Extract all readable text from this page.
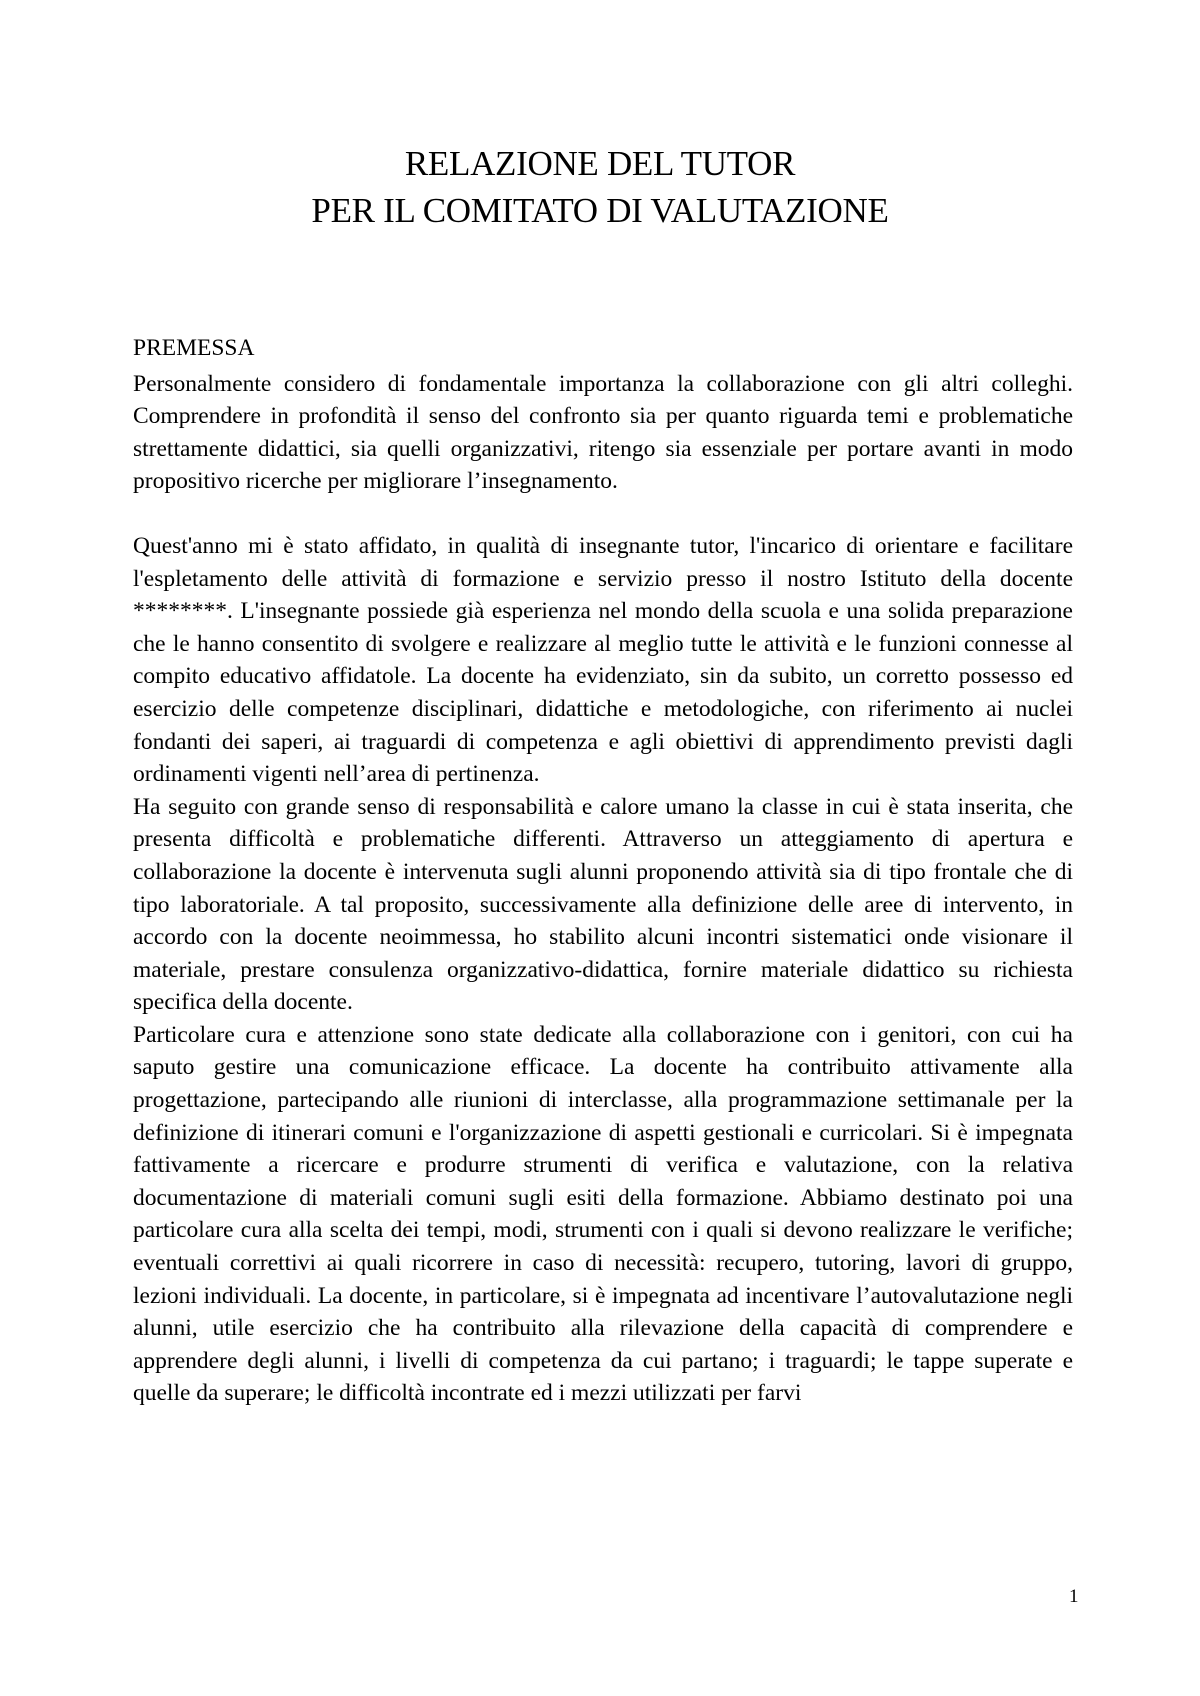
RELAZIONE DEL TUTOR
PER IL COMITATO DI VALUTAZIONE

PREMESSA

Personalmente considero di fondamentale importanza la collaborazione con gli altri colleghi. Comprendere in profondità il senso del confronto sia per quanto riguarda temi e problematiche strettamente didattici, sia quelli organizzativi, ritengo sia essenziale per portare avanti in modo propositivo ricerche per migliorare l’insegnamento.

Quest'anno mi è stato affidato, in qualità di insegnante tutor, l'incarico di orientare e facilitare l'espletamento delle attività di formazione e servizio presso il nostro Istituto della docente ********. L'insegnante possiede già esperienza nel mondo della scuola e una solida preparazione che le hanno consentito di svolgere e realizzare al meglio tutte le attività e le funzioni connesse al compito educativo affidatole. La docente ha evidenziato, sin da subito, un corretto possesso ed esercizio delle competenze disciplinari, didattiche e metodologiche, con riferimento ai nuclei fondanti dei saperi, ai traguardi di competenza e agli obiettivi di apprendimento previsti dagli ordinamenti vigenti nell’area di pertinenza.

Ha seguito con grande senso di responsabilità e calore umano la classe in cui è stata inserita, che presenta difficoltà e problematiche differenti. Attraverso un atteggiamento di apertura e collaborazione la docente è intervenuta sugli alunni proponendo attività sia di tipo frontale che di tipo laboratoriale. A tal proposito, successivamente alla definizione delle aree di intervento, in accordo con la docente neoimmessa, ho stabilito alcuni incontri sistematici onde visionare il materiale, prestare consulenza organizzativo-didattica, fornire materiale didattico su richiesta specifica della docente.

Particolare cura e attenzione sono state dedicate alla collaborazione con i genitori, con cui ha saputo gestire una comunicazione efficace. La docente ha contribuito attivamente alla progettazione, partecipando alle riunioni di interclasse, alla programmazione settimanale per la definizione di itinerari comuni e l'organizzazione di aspetti gestionali e curricolari. Si è impegnata fattivamente a ricercare e produrre strumenti di verifica e valutazione, con la relativa documentazione di materiali comuni sugli esiti della formazione. Abbiamo destinato poi una particolare cura alla scelta dei tempi, modi, strumenti con i quali si devono realizzare le verifiche; eventuali correttivi ai quali ricorrere in caso di necessità: recupero, tutoring, lavori di gruppo, lezioni individuali. La docente, in particolare, si è impegnata ad incentivare l’autovalutazione negli alunni, utile esercizio che ha contribuito alla rilevazione della capacità di comprendere e apprendere degli alunni, i livelli di competenza da cui partano; i traguardi; le tappe superate e quelle da superare; le difficoltà incontrate ed i mezzi utilizzati per farvi

1
